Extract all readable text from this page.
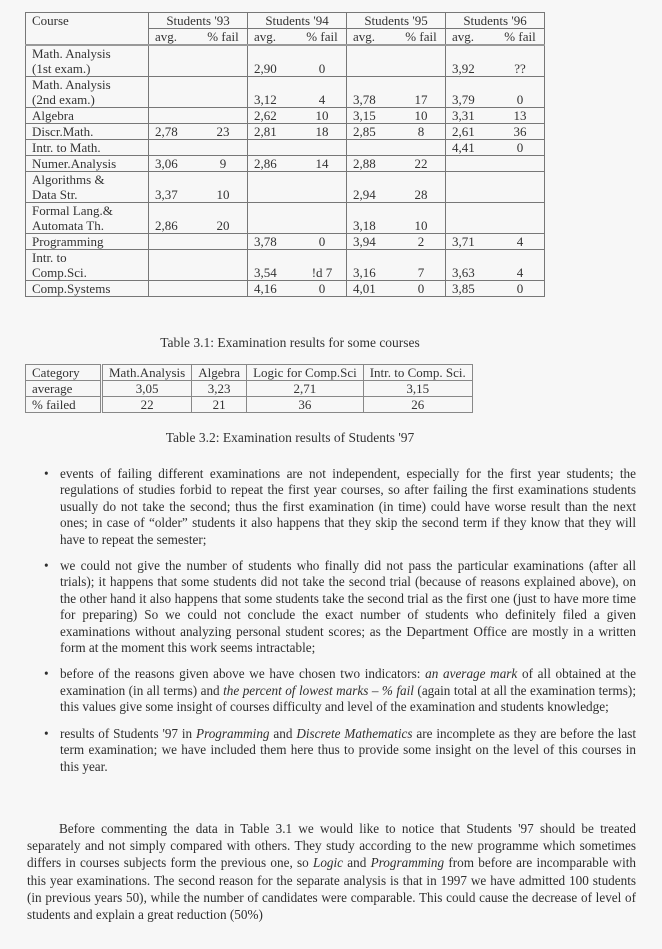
Course	Students '93		Students '94		Students '95		Students '96	
	avg.	% fail	avg.	% fail	avg.	% fail	avg.	% fail
Math. Analysis
(1st exam.)			2,90	0			3,92	??
Math. Analysis
(2nd exam.)			3,12	4	3,78	17	3,79	0
Algebra			2,62	10	3,15	10	3,31	13
Discr.Math.	2,78	23	2,81	18	2,85	8	2,61	36
Intr. to Math.							4,41	0
Numer.Analysis	3,06	9	2,86	14	2,88	22		
Algorithms &
Data Str.	3,37	10			2,94	28		
Formal Lang.&
Automata Th.	2,86	20			3,18	10		
Programming			3,78	0	3,94	2	3,71	4
Intr. to
Comp.Sci.			3,54	!d 7	3,16	7	3,63	4
Comp.Systems			4,16	0	4,01	0	3,85	0
Table 3.1: Examination results for some courses
Category	Math.Analysis	Algebra	Logic for Comp.Sci	Intr. to Comp. Sci.
average	3,05	3,23	2,71	3,15
% failed	22	21	36	26
Table 3.2: Examination results of Students '97
• events of failing different examinations are not independent, especially for the first year students; the regulations of studies forbid to repeat the first year courses, so after failing the first examinations students usually do not take the second; thus the first examination (in time) could have worse result than the next ones; in case of “older” students it also happens that they skip the second term if they know that they will have to repeat the semester;
• we could not give the number of students who finally did not pass the particular examinations (after all trials); it happens that some students did not take the second trial (because of reasons explained above), on the other hand it also happens that some students take the second trial as the first one (just to have more time for preparing) So we could not conclude the exact number of students who definitely filed a given examinations without analyzing personal student scores; as the Department Office are mostly in a written form at the moment this work seems intractable;
• before of the reasons given above we have chosen two indicators: an average mark of all obtained at the examination (in all terms) and the percent of lowest marks – % fail (again total at all the examination terms); this values give some insight of courses difficulty and level of the examination and students knowledge;
• results of Students '97 in Programming and Discrete Mathematics are incomplete as they are before the last term examination; we have included them here thus to provide some insight on the level of this courses in this year.

Before commenting the data in Table 3.1 we would like to notice that Students '97 should be treated separately and not simply compared with others. They study according to the new programme which sometimes differs in courses subjects form the previous one, so Logic and Programming from before are incomparable with this year examinations. The second reason for the separate analysis is that in 1997 we have admitted 100 students (in previous years 50), while the number of candidates were comparable. This could cause the decrease of level of students and explain a great reduction (50%)
